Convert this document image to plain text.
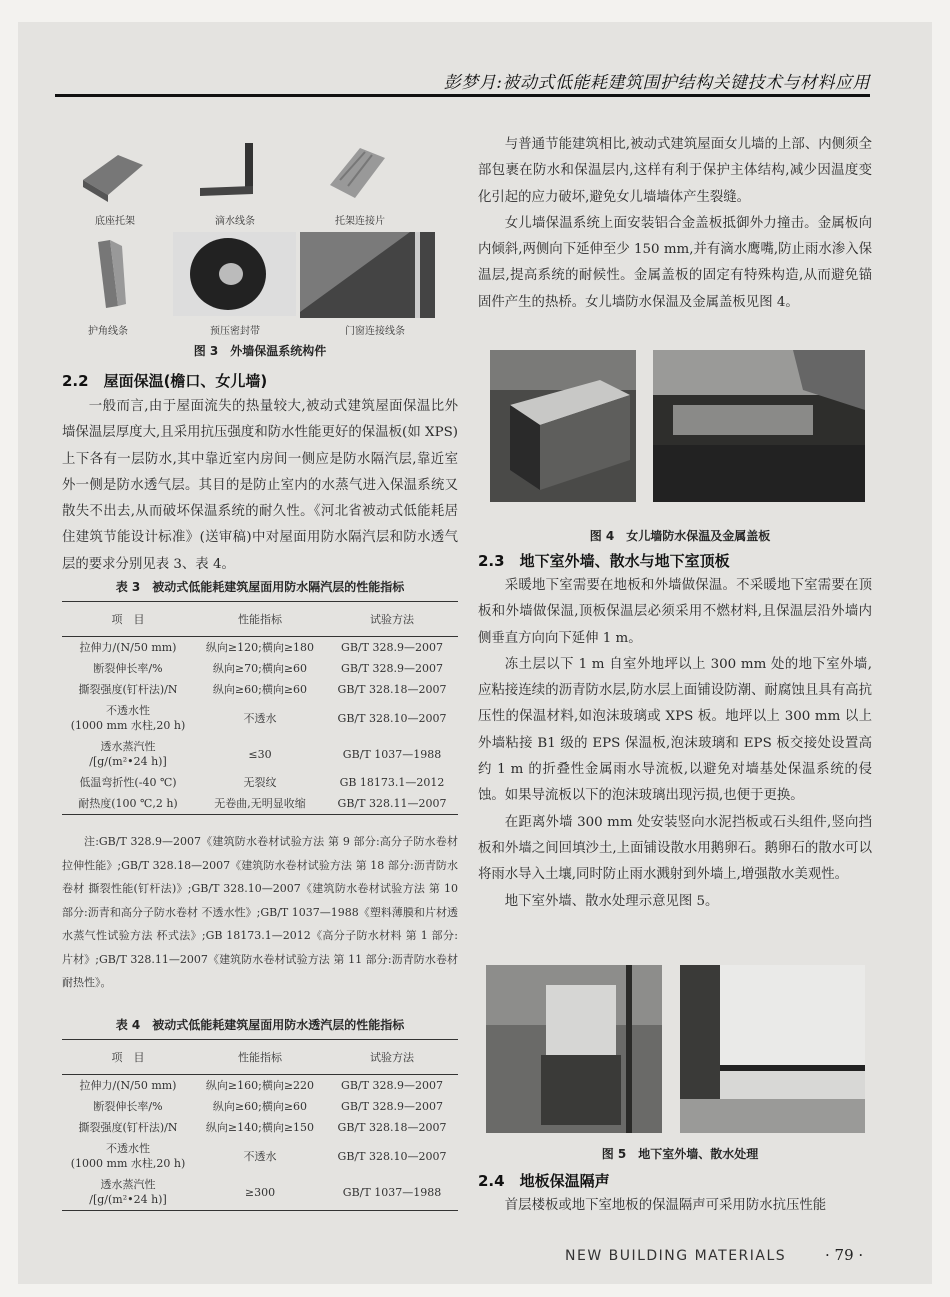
彭梦月:被动式低能耗建筑围护结构关键技术与材料应用
底座托架	滴水线条	托架连接片
护角线条	预压密封带	门窗连接线条
图 3　外墙保温系统构件
2.2　屋面保温(檐口、女儿墙)

一般而言,由于屋面流失的热量较大,被动式建筑屋面保温比外墙保温层厚度大,且采用抗压强度和防水性能更好的保温板(如 XPS)上下各有一层防水,其中靠近室内房间一侧应是防水隔汽层,靠近室外一侧是防水透气层。其目的是防止室内的水蒸气进入保温系统又散失不出去,从而破坏保温系统的耐久性。《河北省被动式低能耗居住建筑节能设计标准》(送审稿)中对屋面用防水隔汽层和防水透气层的要求分别见表 3、表 4。

表 3　被动式低能耗建筑屋面用防水隔汽层的性能指标
项　目	性能指标	试验方法
拉伸力/(N/50 mm)	纵向≥120;横向≥180	GB/T 328.9—2007
断裂伸长率/%	纵向≥70;横向≥60	GB/T 328.9—2007
撕裂强度(钉杆法)/N	纵向≥60;横向≥60	GB/T 328.18—2007
不透水性
(1000 mm 水柱,20 h)	不透水	GB/T 328.10—2007
透水蒸汽性
/[g/(m²•24 h)]	≤30	GB/T 1037—1988
低温弯折性(-40 ℃)	无裂纹	GB 18173.1—2012
耐热度(100 ℃,2 h)	无卷曲,无明显收缩	GB/T 328.11—2007
注:GB/T 328.9—2007《建筑防水卷材试验方法 第 9 部分:高分子防水卷材 拉伸性能》;GB/T 328.18—2007《建筑防水卷材试验方法 第 18 部分:沥青防水卷材 撕裂性能(钉杆法)》;GB/T 328.10—2007《建筑防水卷材试验方法 第 10 部分:沥青和高分子防水卷材 不透水性》;GB/T 1037—1988《塑料薄膜和片材透水蒸气性试验方法 杯式法》;GB 18173.1—2012《高分子防水材料 第 1 部分:片材》;GB/T 328.11—2007《建筑防水卷材试验方法 第 11 部分:沥青防水卷材 耐热性》。
表 4　被动式低能耗建筑屋面用防水透汽层的性能指标
项　目	性能指标	试验方法
拉伸力/(N/50 mm)	纵向≥160;横向≥220	GB/T 328.9—2007
断裂伸长率/%	纵向≥60;横向≥60	GB/T 328.9—2007
撕裂强度(钉杆法)/N	纵向≥140;横向≥150	GB/T 328.18—2007
不透水性
(1000 mm 水柱,20 h)	不透水	GB/T 328.10—2007
透水蒸汽性
/[g/(m²•24 h)]	≥300	GB/T 1037—1988

与普通节能建筑相比,被动式建筑屋面女儿墙的上部、内侧须全部包裹在防水和保温层内,这样有利于保护主体结构,减少因温度变化引起的应力破坏,避免女儿墙墙体产生裂缝。

女儿墙保温系统上面安装铝合金盖板抵御外力撞击。金属板向内倾斜,两侧向下延伸至少 150 mm,并有滴水鹰嘴,防止雨水渗入保温层,提高系统的耐候性。金属盖板的固定有特殊构造,从而避免锚固件产生的热桥。女儿墙防水保温及金属盖板见图 4。

图 4　女儿墙防水保温及金属盖板
2.3　地下室外墙、散水与地下室顶板

采暖地下室需要在地板和外墙做保温。不采暖地下室需要在顶板和外墙做保温,顶板保温层必须采用不燃材料,且保温层沿外墙内侧垂直方向向下延伸 1 m。

冻土层以下 1 m 自室外地坪以上 300 mm 处的地下室外墙,应粘接连续的沥青防水层,防水层上面铺设防潮、耐腐蚀且具有高抗压性的保温材料,如泡沫玻璃或 XPS 板。地坪以上 300 mm 以上外墙粘接 B1 级的 EPS 保温板,泡沫玻璃和 EPS 板交接处设置高约 1 m 的折叠性金属雨水导流板,以避免对墙基处保温系统的侵蚀。如果导流板以下的泡沫玻璃出现污损,也便于更换。

在距离外墙 300 mm 处安装竖向水泥挡板或石头组件,竖向挡板和外墙之间回填沙土,上面铺设散水用鹅卵石。鹅卵石的散水可以将雨水导入土壤,同时防止雨水溅射到外墙上,增强散水美观性。

地下室外墙、散水处理示意见图 5。

图 5　地下室外墙、散水处理
2.4　地板保温隔声

首层楼板或地下室地板的保温隔声可采用防水抗压性能

NEW BUILDING MATERIALS	· 79 ·
